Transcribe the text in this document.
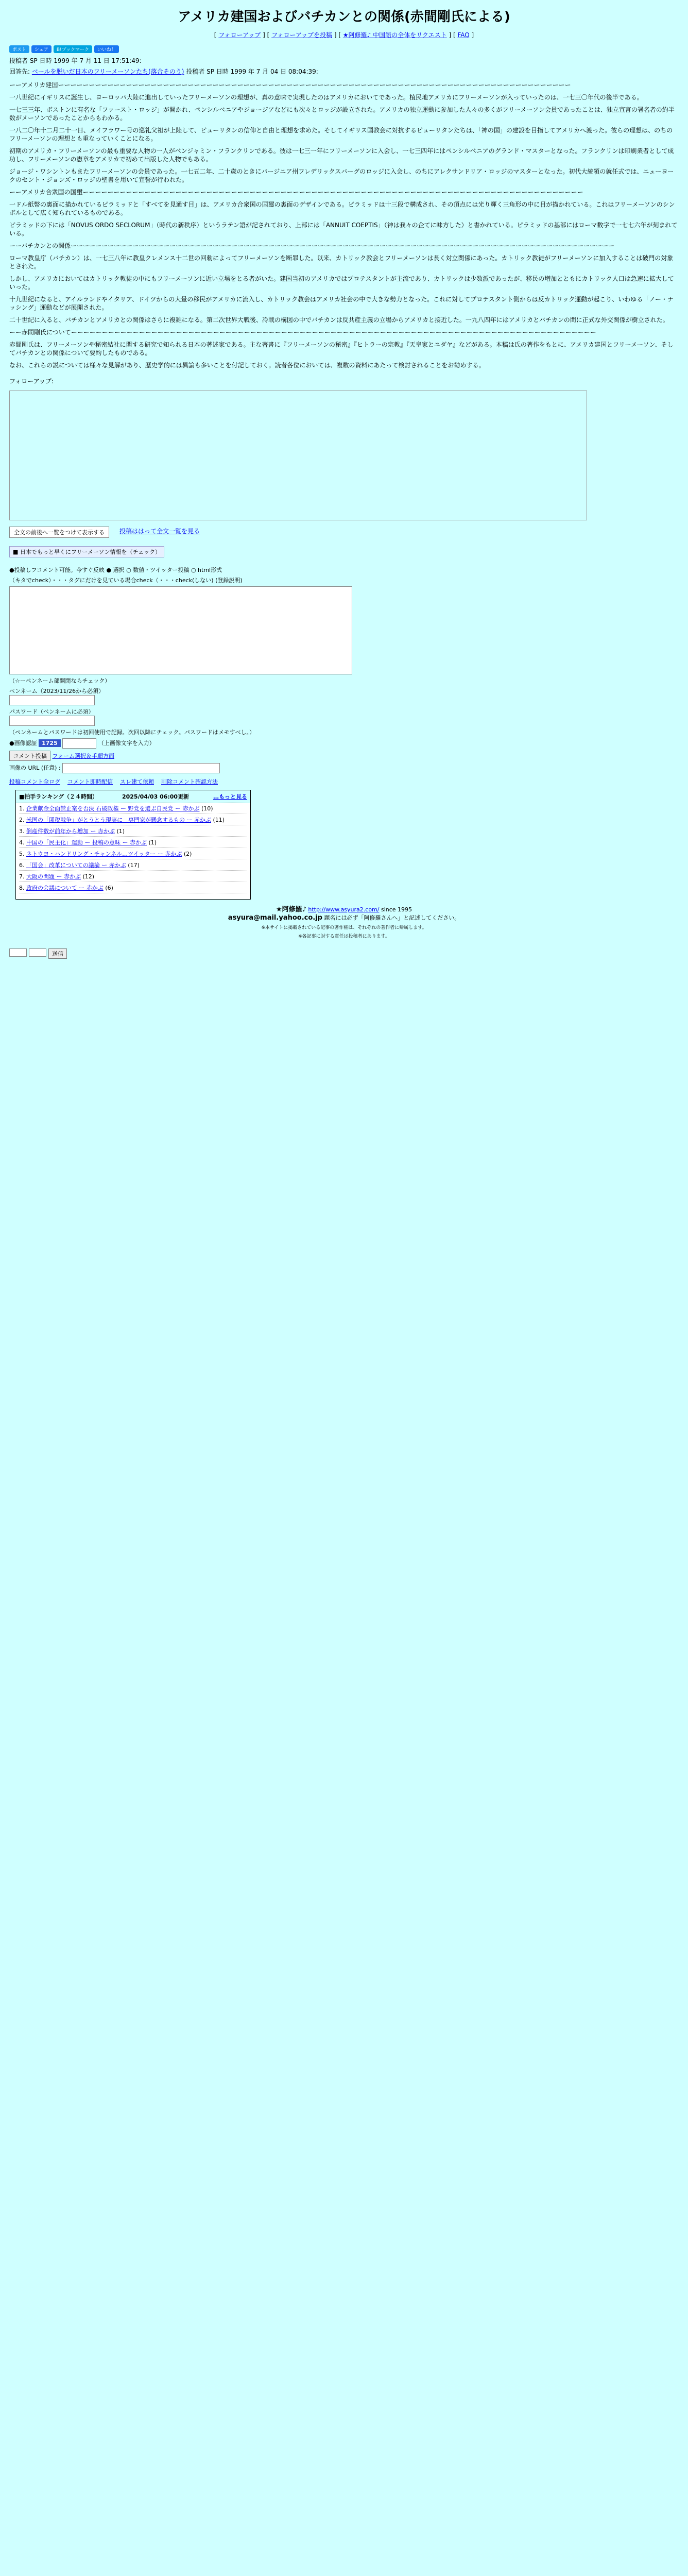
アメリカ建国およびバチカンとの関係(赤間剛氏による)
[ フォローアップ ] [ フォローアップを投稿 ] [ ★阿修羅♪ 中国語の全体をリクエスト ] [ FAQ ]
ポスト	シェア	B!ブックマーク	いいね！
投稿者 SP 日時 1999 年 7 月 11 日 17:51:49:
回答先: ベールを脱いだ日本のフリーメーソンたち(落合そのう) 投稿者 SP 日時 1999 年 7 月 04 日 08:04:39:

ーーアメリカ建国ーーーーーーーーーーーーーーーーーーーーーーーーーーーーーーーーーーーーーーーーーーーーーーーーーーーーーーーーーーーーーーーーーーーーーーーーーーーーーーーーーーー

一八世紀にイギリスに誕生し、ヨーロッパ大陸に進出していったフリーメーソンの理想が、真の意味で実現したのはアメリカにおいてであった。植民地アメリカにフリーメーソンが入っていったのは、一七三〇年代の後半である。

一七三三年、ボストンに有名な「ファースト・ロッジ」が開かれ、ペンシルベニアやジョージアなどにも次々とロッジが設立された。アメリカの独立運動に参加した人々の多くがフリーメーソン会員であったことは、独立宣言の署名者の約半数がメーソンであったことからもわかる。

一八二〇年十二月二十一日、メイフラワー号の巡礼父祖が上陸して、ピューリタンの信仰と自由と理想を求めた。そしてイギリス国教会に対抗するピューリタンたちは、「神の国」の建設を目指してアメリカへ渡った。彼らの理想は、のちのフリーメーソンの理想とも重なっていくことになる。

初期のアメリカ・フリーメーソンの最も重要な人物の一人がベンジャミン・フランクリンである。彼は一七三一年にフリーメーソンに入会し、一七三四年にはペンシルベニアのグランド・マスターとなった。フランクリンは印刷業者として成功し、フリーメーソンの憲章をアメリカで初めて出版した人物でもある。

ジョージ・ワシントンもまたフリーメーソンの会員であった。一七五二年、二十歳のときにバージニア州フレデリックスバーグのロッジに入会し、のちにアレクサンドリア・ロッジのマスターとなった。初代大統領の就任式では、ニューヨークのセント・ジョンズ・ロッジの聖書を用いて宣誓が行われた。

ーーアメリカ合衆国の国璽ーーーーーーーーーーーーーーーーーーーーーーーーーーーーーーーーーーーーーーーーーーーーーーーーーーーーーーーーーーーーーーーーーーーーーーーーーーーーーーーーー

一ドル紙幣の裏面に描かれているピラミッドと「すべてを見通す目」は、アメリカ合衆国の国璽の裏面のデザインである。ピラミッドは十三段で構成され、その頂点には光り輝く三角形の中に目が描かれている。これはフリーメーソンのシンボルとして広く知られているものである。

ピラミッドの下には「NOVUS ORDO SECLORUM」（時代の新秩序）というラテン語が記されており、上部には「ANNUIT COEPTIS」（神は我々の企てに味方した）と書かれている。ピラミッドの基部にはローマ数字で一七七六年が刻まれている。

ーーバチカンとの関係ーーーーーーーーーーーーーーーーーーーーーーーーーーーーーーーーーーーーーーーーーーーーーーーーーーーーーーーーーーーーーーーーーーーーーーーーーーーーーーーーーーーーーーーー

ローマ教皇庁（バチカン）は、一七三八年に教皇クレメンス十二世の回勅によってフリーメーソンを断罪した。以来、カトリック教会とフリーメーソンは長く対立関係にあった。カトリック教徒がフリーメーソンに加入することは破門の対象とされた。

しかし、アメリカにおいてはカトリック教徒の中にもフリーメーソンに近い立場をとる者がいた。建国当初のアメリカではプロテスタントが主流であり、カトリックは少数派であったが、移民の増加とともにカトリック人口は急速に拡大していった。

十九世紀になると、アイルランドやイタリア、ドイツからの大量の移民がアメリカに流入し、カトリック教会はアメリカ社会の中で大きな勢力となった。これに対してプロテスタント側からは反カトリック運動が起こり、いわゆる「ノー・ナッシング」運動などが展開された。

二十世紀に入ると、バチカンとアメリカとの関係はさらに複雑になる。第二次世界大戦後、冷戦の構図の中でバチカンは反共産主義の立場からアメリカと接近した。一九八四年にはアメリカとバチカンの間に正式な外交関係が樹立された。

ーー赤間剛氏についてーーーーーーーーーーーーーーーーーーーーーーーーーーーーーーーーーーーーーーーーーーーーーーーーーーーーーーーーーーーーーーーーーーーーーーーーーーーーーーーーーーーーー

赤間剛氏は、フリーメーソンや秘密結社に関する研究で知られる日本の著述家である。主な著書に『フリーメーソンの秘密』『ヒトラーの宗教』『天皇家とユダヤ』などがある。本稿は氏の著作をもとに、アメリカ建国とフリーメーソン、そしてバチカンとの関係について要約したものである。

なお、これらの説については様々な見解があり、歴史学的には異論も多いことを付記しておく。読者各位においては、複数の資料にあたって検討されることをお勧めする。

フォローアップ:
全文の前後へ一覧をつけて表示する	投稿ははって全文一覧を見る
■ 日本でもっと早くにフリーメーソン情報を（チェック）
●投稿しフコメント可能。今すぐ反映 ● 選択 ○ 数値・ツイッター投稿 ○ html形式
（キタでcheck）・・・タグにだけを見ている場合check（・・・check(しない) (登録説明)
（☆ーペンネーム部開閉ならチェック）
ペンネーム（2023/11/26から必須）

パスワード（ペンネームに必須）

（ペンネームとパスワードは初回使用で記録。次回以降にチェック。パスワードはメモすべし。）
●画像認証 1725	（上画像文字を入力）
コメント投稿 フォーム選択＆手順方面
画像の URL (任意) :
投稿コメント全ログ コメント即時配信 スレ建て依頼 削除コメント確認方法
■拍手ランキング（２４時間）	2025/04/03 06:00更新	…もっと見る
1. 企業献金全面禁止案を否決 石破政権 ー 野党を選ぶ自民党 ー 赤かぶ (10)
2. 米国の「関税戦争」がとうとう現実に　専門家が懸念するもの ー 赤かぶ (11)
3. 倒産件数が前年から増加 ー 赤かぶ (1)
4. 中国の「民主化」運動 ー 投稿の意味 ー 赤かぶ (1)
5. ネトウヨ・ハンドリング・チャンネル…ツイッター ー 赤かぶ (2)
6. 「国会」改革についての議論 ー 赤かぶ (17)
7. 大阪の問題 ー 赤かぶ (12)
8. 政府の会議について ー 赤かぶ (6)
★阿修羅♪ http://www.asyura2.com/ since 1995
asyura@mail.yahoo.co.jp 題名には必ず「阿修羅さんへ」と記述してください。
※本サイトに掲載されている記事の著作権は、それぞれの著作者に帰属します。
※各記事に対する責任は投稿者にあります。
送信
